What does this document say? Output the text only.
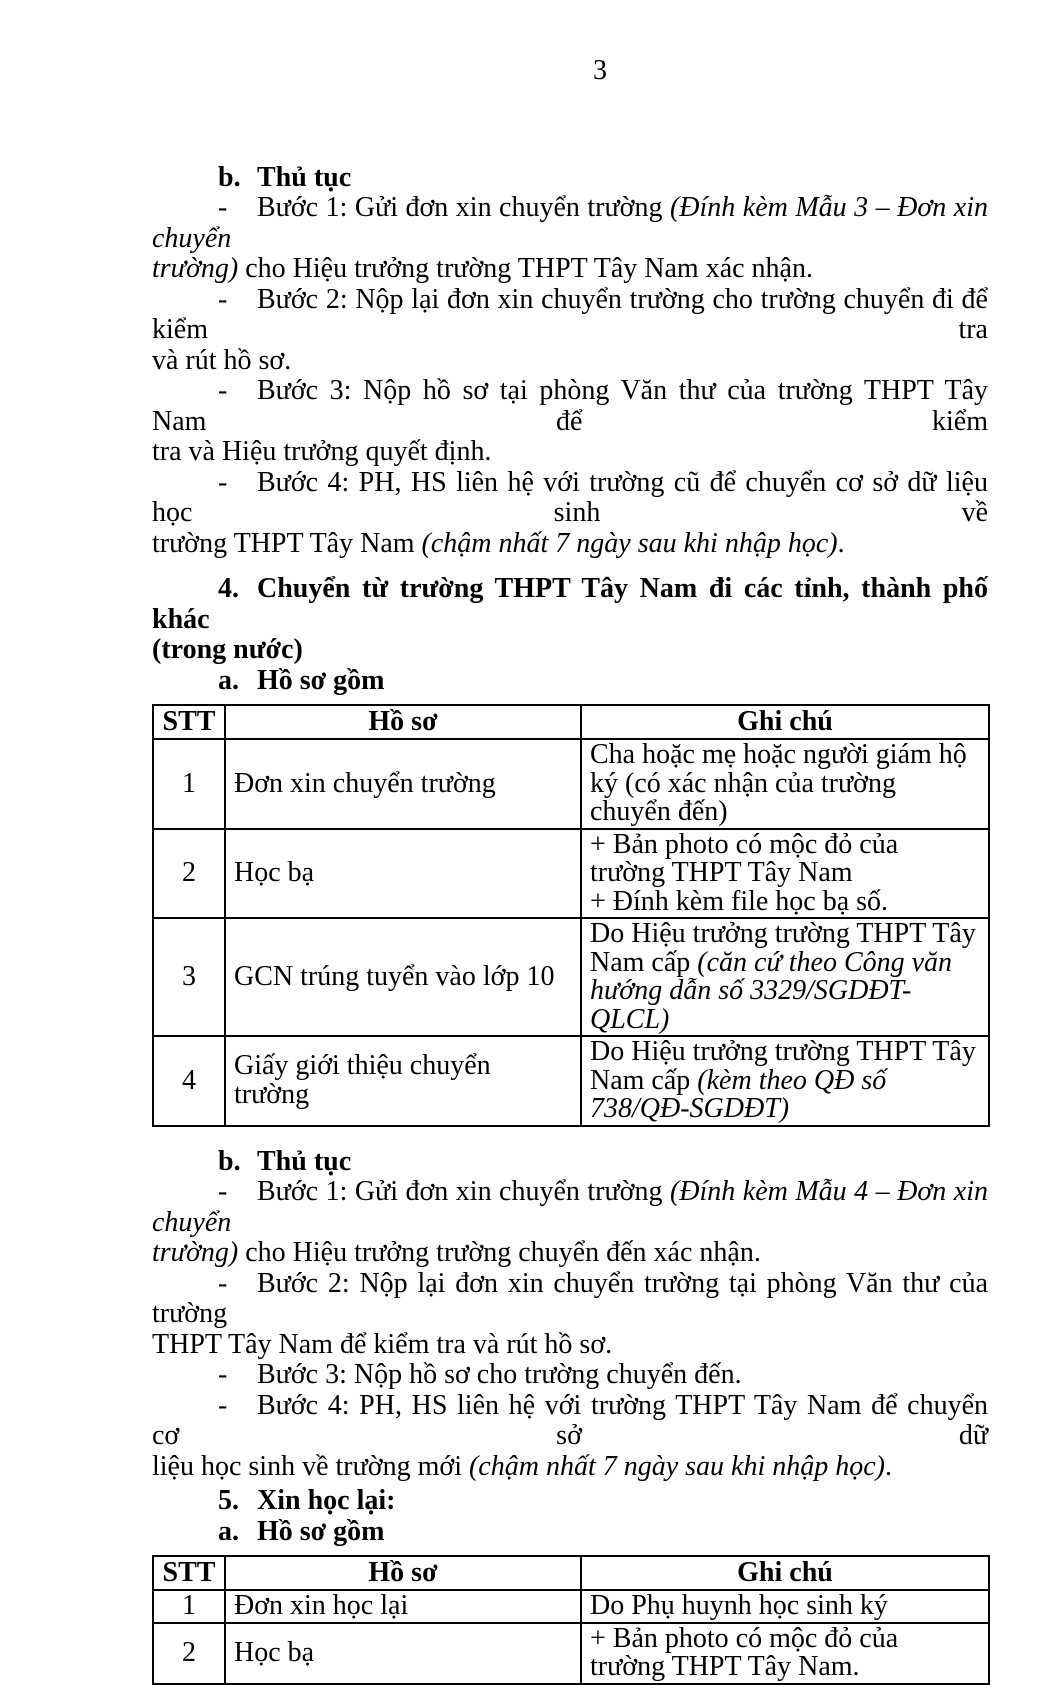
3
b. Thủ tục
- Bước 1: Gửi đơn xin chuyển trường (Đính kèm Mẫu 3 – Đơn xin chuyển
trường) cho Hiệu trưởng trường THPT Tây Nam xác nhận.
- Bước 2: Nộp lại đơn xin chuyển trường cho trường chuyển đi để kiểm tra
và rút hồ sơ.
- Bước 3: Nộp hồ sơ tại phòng Văn thư của trường THPT Tây Nam để kiểm
tra và Hiệu trưởng quyết định.
- Bước 4: PH, HS liên hệ với trường cũ để chuyển cơ sở dữ liệu học sinh về
trường THPT Tây Nam (chậm nhất 7 ngày sau khi nhập học).
4. Chuyển từ trường THPT Tây Nam đi các tỉnh, thành phố khác
(trong nước)
a. Hồ sơ gồm
STT	Hồ sơ	Ghi chú
1	Đơn xin chuyển trường	Cha hoặc mẹ hoặc người giám hộ ký (có xác nhận của trường chuyển đến)

2	Học bạ	+ Bản photo có mộc đỏ của trường THPT Tây Nam
+ Đính kèm file học bạ số.

3	GCN trúng tuyển vào lớp 10	Do Hiệu trưởng trường THPT Tây Nam cấp (căn cứ theo Công văn hướng dẫn số 3329/SGDĐT-QLCL)

4	Giấy giới thiệu chuyển trường	Do Hiệu trưởng trường THPT Tây Nam cấp (kèm theo QĐ số 738/QĐ-SGDĐT)
b. Thủ tục
- Bước 1: Gửi đơn xin chuyển trường (Đính kèm Mẫu 4 – Đơn xin chuyển
trường) cho Hiệu trưởng trường chuyển đến xác nhận.
- Bước 2: Nộp lại đơn xin chuyển trường tại phòng Văn thư của trường
THPT Tây Nam để kiểm tra và rút hồ sơ.
- Bước 3: Nộp hồ sơ cho trường chuyển đến.
- Bước 4: PH, HS liên hệ với trường THPT Tây Nam để chuyển cơ sở dữ
liệu học sinh về trường mới (chậm nhất 7 ngày sau khi nhập học).
5. Xin học lại:
a. Hồ sơ gồm
STT	Hồ sơ	Ghi chú
1	Đơn xin học lại	Do Phụ huynh học sinh ký

2	Học bạ	+ Bản photo có mộc đỏ của trường THPT Tây Nam.
